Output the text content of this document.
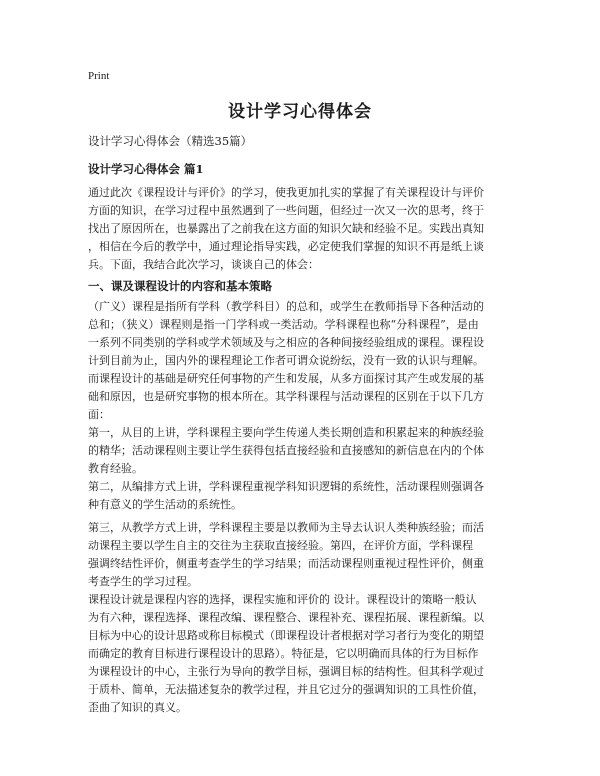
Print
设计学习心得体会
设计学习心得体会（精选35篇）
设计学习心得体会 篇1
通过此次《课程设计与评价》的学习，使我更加扎实的掌握了有关课程设计与评价
方面的知识，在学习过程中虽然遇到了一些问题，但经过一次又一次的思考，终于
找出了原因所在，也暴露出了之前我在这方面的知识欠缺和经验不足。实践出真知
，相信在今后的教学中，通过理论指导实践，必定使我们掌握的知识不再是纸上谈
兵。下面，我结合此次学习，谈谈自己的体会：
一、课及课程设计的内容和基本策略
（广义）课程是指所有学科（教学科目）的总和，或学生在教师指导下各种活动的
总和；（狭义）课程则是指一门学科或一类活动。学科课程也称“分科课程”，是由
一系列不同类别的学科或学术领域及与之相应的各种间接经验组成的课程。课程设
计到目前为止，国内外的课程理论工作者可谓众说纷纭，没有一致的认识与理解。
而课程设计的基础是研究任何事物的产生和发展，从多方面探讨其产生或发展的基
础和原因，也是研究事物的根本所在。其学科课程与活动课程的区别在于以下几方
面：
第一，从目的上讲，学科课程主要向学生传递人类长期创造和积累起来的种族经验
的精华；活动课程则主要让学生获得包括直接经验和直接感知的新信息在内的个体
教育经验。
第二，从编排方式上讲，学科课程重视学科知识逻辑的系统性，活动课程则强调各
种有意义的学生活动的系统性。
第三，从教学方式上讲，学科课程主要是以教师为主导去认识人类种族经验；而活
动课程主要以学生自主的交往为主获取直接经验。第四，在评价方面，学科课程
强调终结性评价，侧重考查学生的学习结果；而活动课程则重视过程性评价，侧重
考查学生的学习过程。
课程设计就是课程内容的选择，课程实施和评价的 设计。课程设计的策略一般认
为有六种，课程选择、课程改编、课程整合、课程补充、课程拓展、课程新编。以
目标为中心的设计思路或称目标模式（即课程设计者根据对学习者行为变化的期望
而确定的教育目标进行课程设计的思路）。特征是，它以明确而具体的行为目标作
为课程设计的中心，主张行为导向的教学目标，强调目标的结构性。但其科学观过
于质朴、简单，无法描述复杂的教学过程，并且它过分的强调知识的工具性价值，
歪曲了知识的真义。
